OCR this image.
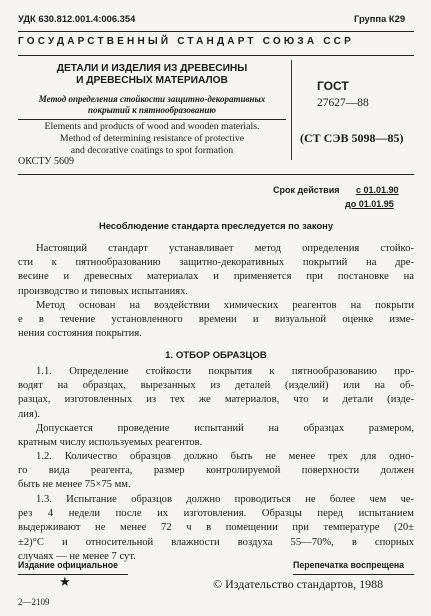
УДК 630.812.001.4:006.354	Группа К29
ГОСУДАРСТВЕННЫЙ СТАНДАРТ СОЮЗА ССР
ДЕТАЛИ И ИЗДЕЛИЯ ИЗ ДРЕВЕСИНЫ
И ДРЕВЕСНЫХ МАТЕРИАЛОВ
Метод определения стойкости защитно-декоративных
покрытий к пятнообразованию
Elements and products of wood and wooden materials.
Method of determining resistance of protective
and decorative coatings to spot formation
ГОСТ
27627—88
(СТ СЭВ 5098—85)
ОКСТУ 5609
Срок действия с 01.01.90
до 01.01.95
Несоблюдение стандарта преследуется по закону
Настоящий стандарт устанавливает метод определения стойко-
сти к пятнообразованию защитно-декоративных покрытий на дре-
весине и древесных материалах и применяется при постановке на
производство и типовых испытаниях.
Метод основан на воздействии химических реагентов на покрыти
е в течение установленного времени и визуальной оценке изме-
нения состояния покрытия.
1. ОТБОР ОБРАЗЦОВ
1.1. Определение стойкости покрытия к пятнообразованию про-
водят на образцах, вырезанных из деталей (изделий) или на об-
разцах, изготовленных из тех же материалов, что и детали (изде-
лия).
Допускается проведение испытаний на образцах размером,
кратным числу используемых реагентов.
1.2. Количество образцов должно быть не менее трех для одно-
го вида реагента, размер контролируемой поверхности должен
быть не менее 75×75 мм.
1.3. Испытание образцов должно проводиться не более чем че-
рез 4 недели после их изготовления. Образцы перед испытанием
выдерживают не менее 72 ч в помещении при температуре (20±
±2)°С и относительной влажности воздуха 55—70%, в спорных
случаях — не менее 7 сут.
Издание официальное	Перепечатка воспрещена
★	© Издательство стандартов, 1988
2—2109
